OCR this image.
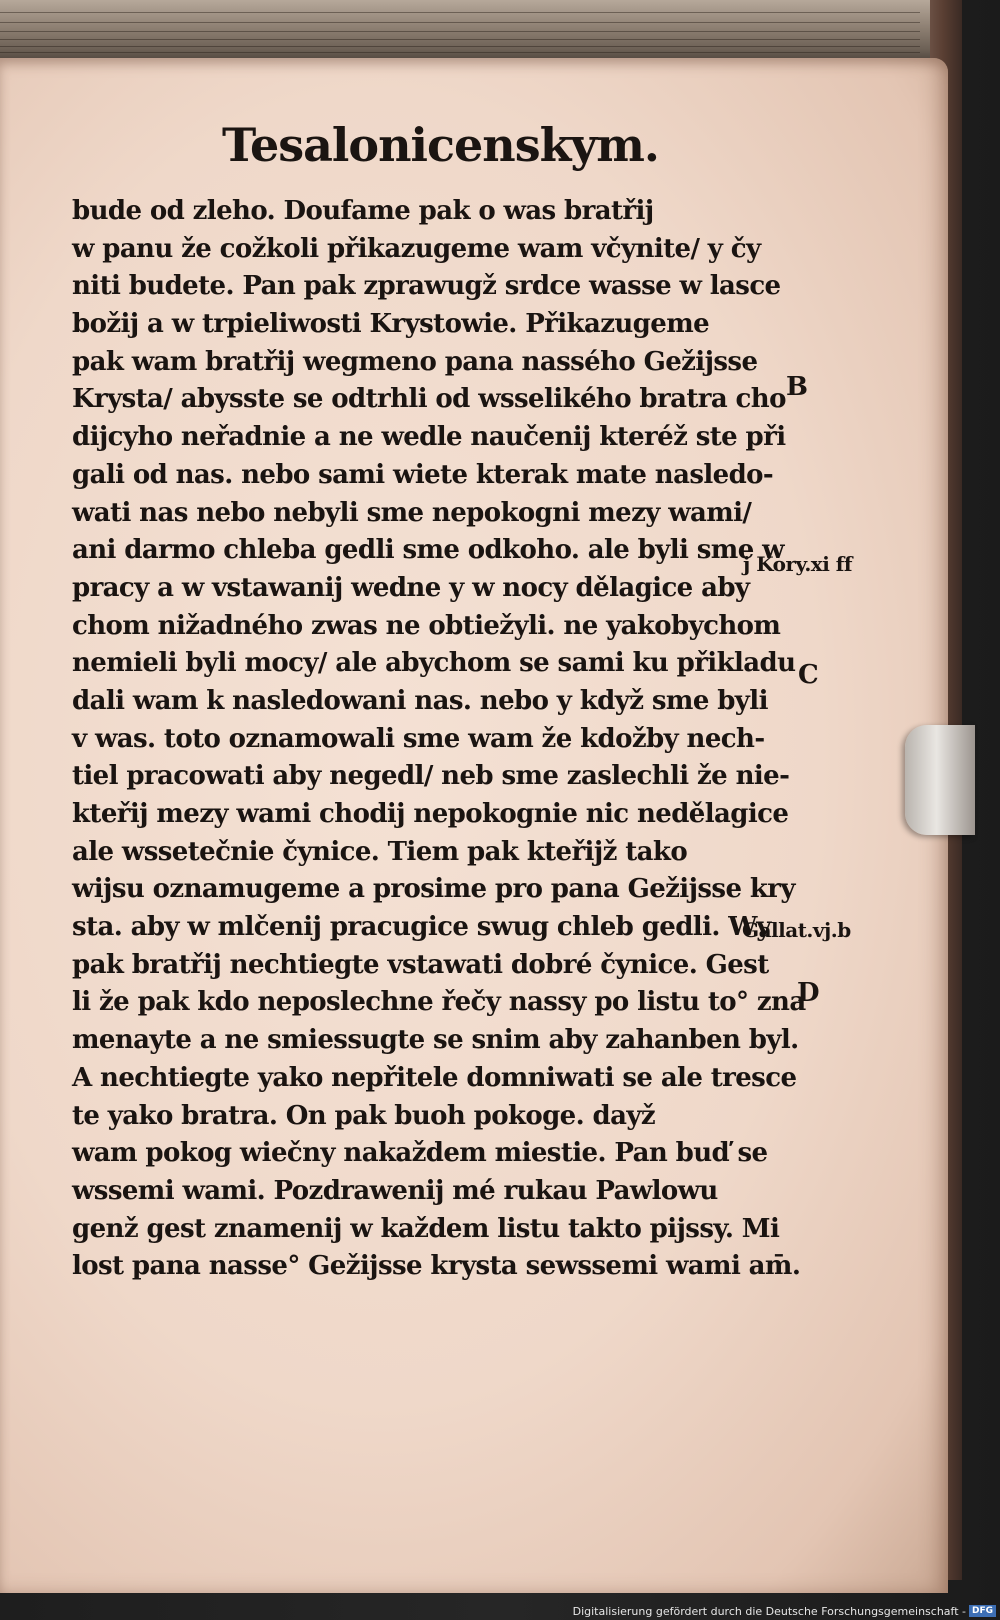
Tesalonicenskym.
bude od zleho. Doufame pak o was bratřij
w panu že cožkoli přikazugeme wam včynite/ y čy
niti budete. Pan pak zprawugž srdce wasse w lasce
božij a w trpieliwosti Krystowie. Přikazugeme
pak wam bratřij wegmeno pana nassého Gežijsse
Krysta/ abysste se odtrhli od wsselikého bratra cho
dijcyho neřadnie a ne wedle naučenij kteréž ste při
gali od nas. nebo sami wiete kterak mate nasledo-
wati nas nebo nebyli sme nepokogni mezy wami/
ani darmo chleba gedli sme odkoho. ale byli sme w
pracy a w vstawanij wedne y w nocy dělagice aby
chom nižadného zwas ne obtiežyli. ne yakobychom
nemieli byli mocy/ ale abychom se sami ku přikladu
dali wam k nasledowani nas. nebo y když sme byli
v was. toto oznamowali sme wam že kdožby nech-
tiel pracowati aby negedl/ neb sme zaslechli že nie-
kteřij mezy wami chodij nepokognie nic nedělagice
ale wssetečnie čynice. Tiem pak kteřijž tako
wijsu oznamugeme a prosime pro pana Gežijsse kry
sta. aby w mlčenij pracugice swug chleb gedli. Wy
pak bratřij nechtiegte vstawati dobré čynice. Gest
li že pak kdo neposlechne řečy nassy po listu to° zna
menayte a ne smiessugte se snim aby zahanben byl.
A nechtiegte yako nepřitele domniwati se ale tresce
te yako bratra. On pak buoh pokoge. dayž
wam pokog wiečny nakaždem miestie. Pan buď se
wssemi wami. Pozdrawenij mé rukau Pawlowu
genž gest znamenij w každem listu takto pijssy. Mi
lost pana nasse° Gežijsse krysta sewssemi wami am̄.
B
j Kory.xi ff
C
Gallat.vj.b
D
Digitalisierung gefördert durch die Deutsche Forschungsgemeinschaft - DFG
